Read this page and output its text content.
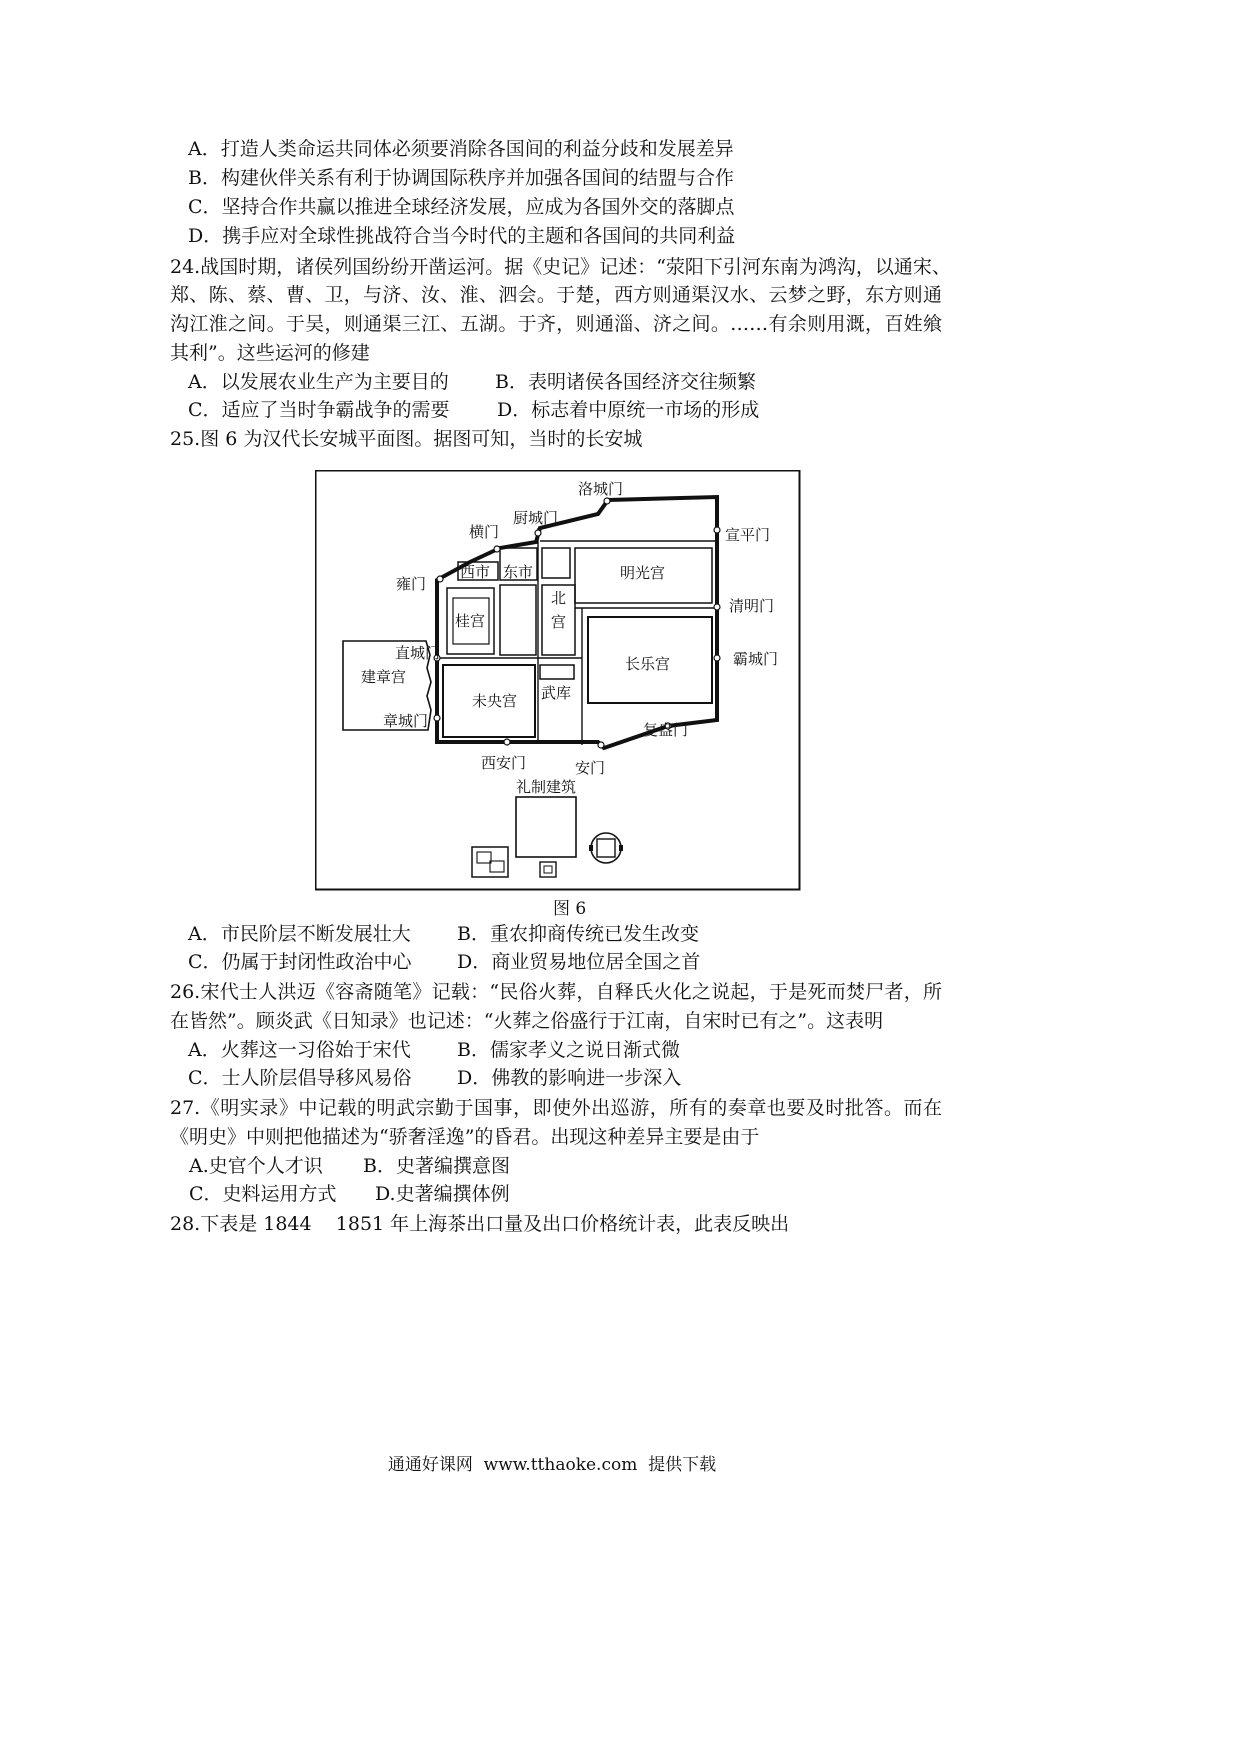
A．打造人类命运共同体必须要消除各国间的利益分歧和发展差异
B．构建伙伴关系有利于协调国际秩序并加强各国间的结盟与合作
C．坚持合作共赢以推进全球经济发展，应成为各国外交的落脚点
D．携手应对全球性挑战符合当今时代的主题和各国间的共同利益
24.战国时期，诸侯列国纷纷开凿运河。据《史记》记述：“荥阳下引河东南为鸿沟，以通宋、
郑、陈、蔡、曹、卫，与济、汝、淮、泗会。于楚，西方则通渠汉水、云梦之野，东方则通
沟江淮之间。于吴，则通渠三江、五湖。于齐，则通淄、济之间。……有余则用溉，百姓飨
其利”。这些运河的修建
A．以发展农业生产为主要目的 B．表明诸侯各国经济交往频繁
C．适应了当时争霸战争的需要 D．标志着中原统一市场的形成
25.图 6 为汉代长安城平面图。据图可知，当时的长安城
洛城门
厨城门
横门	宣平门
西市 东市	明光宫
雍门
清明门
桂宫	北宫
直城门
建章宫
长乐宫	霸城门
武库
未央宫
章城门	复盎门
西安门	安门
礼制建筑
图 6
A．市民阶层不断发展壮大 B．重农抑商传统已发生改变
C．仍属于封闭性政治中心 D．商业贸易地位居全国之首
26.宋代士人洪迈《容斋随笔》记载：“民俗火葬，自释氏火化之说起，于是死而焚尸者，所
在皆然”。顾炎武《日知录》也记述：“火葬之俗盛行于江南，自宋时已有之”。这表明
A．火葬这一习俗始于宋代 B．儒家孝义之说日渐式微
C．士人阶层倡导移风易俗 D．佛教的影响进一步深入
27.《明实录》中记载的明武宗勤于国事，即使外出巡游，所有的奏章也要及时批答。而在
《明史》中则把他描述为“骄奢淫逸”的昏君。出现这种差异主要是由于
A.史官个人才识 B．史著编撰意图
C．史料运用方式 D.史著编撰体例
28.下表是 1844    1851 年上海茶出口量及出口价格统计表，此表反映出
通通好课网  www.tthaoke.com  提供下载
